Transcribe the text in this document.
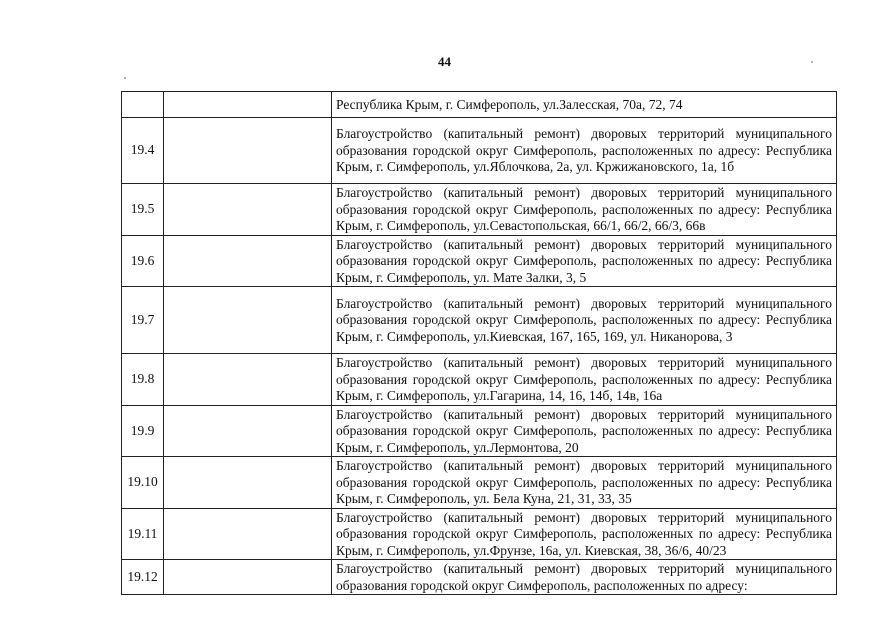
44
		Республика Крым, г. Симферополь, ул.Залесская, 70а, 72, 74
19.4		Благоустройство (капитальный ремонт) дворовых территорий муниципального образования городской округ Симферополь, расположенных по адресу: Республика Крым, г. Симферополь, ул.Яблочкова, 2а, ул. Кржижановского, 1а, 1б
19.5		Благоустройство (капитальный ремонт) дворовых территорий муниципального образования городской округ Симферополь, расположенных по адресу: Республика Крым, г. Симферополь, ул.Севастопольская, 66/1, 66/2, 66/3, 66в
19.6		Благоустройство (капитальный ремонт) дворовых территорий муниципального образования городской округ Симферополь, расположенных по адресу: Республика Крым, г. Симферополь, ул. Мате Залки, 3, 5
19.7		Благоустройство (капитальный ремонт) дворовых территорий муниципального образования городской округ Симферополь, расположенных по адресу: Республика Крым, г. Симферополь, ул.Киевская, 167, 165, 169, ул. Никанорова, 3
19.8		Благоустройство (капитальный ремонт) дворовых территорий муниципального образования городской округ Симферополь, расположенных по адресу: Республика Крым, г. Симферополь, ул.Гагарина, 14, 16, 14б, 14в, 16а
19.9		Благоустройство (капитальный ремонт) дворовых территорий муниципального образования городской округ Симферополь, расположенных по адресу: Республика Крым, г. Симферополь, ул.Лермонтова, 20
19.10		Благоустройство (капитальный ремонт) дворовых территорий муниципального образования городской округ Симферополь, расположенных по адресу: Республика Крым, г. Симферополь, ул. Бела Куна, 21, 31, 33, 35
19.11		Благоустройство (капитальный ремонт) дворовых территорий муниципального образования городской округ Симферополь, расположенных по адресу: Республика Крым, г. Симферополь, ул.Фрунзе, 16а, ул. Киевская, 38, 36/6, 40/23
19.12		Благоустройство (капитальный ремонт) дворовых территорий муниципального образования городской округ Симферополь, расположенных по адресу:
